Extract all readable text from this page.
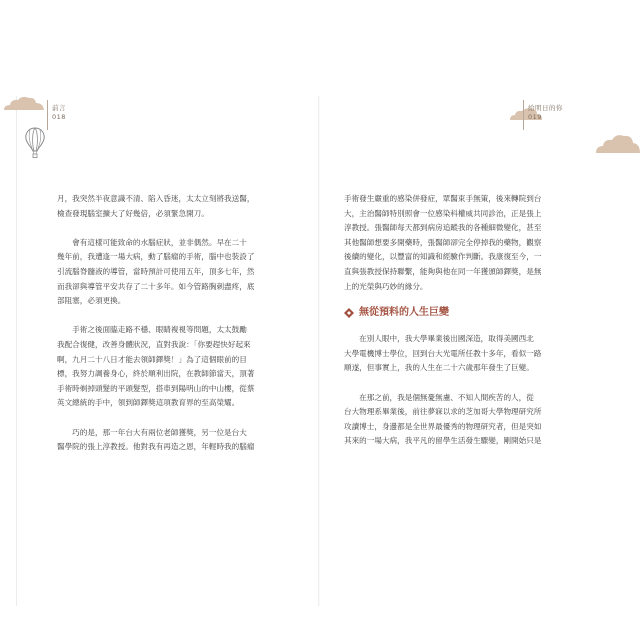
前言
018
給明日的你
019
月，我突然半夜意識不清、陷入昏迷，太太立刻將我送醫，
檢查發現腦室擴大了好幾倍，必須緊急開刀。
　　會有這樣可能致命的水腦症狀，並非偶然。早在二十
幾年前，我遭逢一場大病，動了腦瘤的手術，腦中也裝設了
引流腦脊髓液的導管，當時預計可使用五年，頂多七年，然
而我卻與導管平安共存了二十多年。如今管路胸刺盡疼，底
部阻塞，必須更換。
　　手術之後面臨走路不穩、眼睛複視等問題，太太鼓勵
我配合復健，改善身體狀況，直對我說：「你要趕快好起來
啊，九月二十八日才能去領師鐸獎！」為了這個眼前的目
標，我努力調養身心，終於順利出院，在教師節當天，頂著
手術時剃掉頭髮的平頭髮型，搭車到陽明山的中山樓，從蔡
英文總統的手中，領到師鐸獎這項教育界的至高榮耀。
　　巧的是，那一年台大有兩位老師獲獎，另一位是台大
醫學院的張上淳教授。他對我有再造之恩，年輕時我的腦瘤
手術發生嚴重的感染併發症，眾醫束手無策，後來轉院到台
大，主治醫師特別照會一位感染科權威共同診治，正是張上
淳教授。張醫師每天都到病房追蹤我的各種細微變化，甚至
其他醫師想要多開藥時，張醫師卻完全停掉我的藥物，觀察
後續的變化，以豐富的知識和經驗作判斷。我康復至今，一
直與張教授保持聯繫，能夠與他在同一年獲頒師鐸獎，是無
上的光榮與巧妙的緣分。
無從預料的人生巨變
　　在別人眼中，我大學畢業後出國深造，取得美國西北
大學電機博士學位，回到台大光電所任教十多年，看似一路
順遂，但事實上，我的人生在二十六歲那年發生了巨變。
　　在那之前，我是個無憂無慮、不知人間疾苦的人，從
台大物理系畢業後，前往夢寐以求的芝加哥大學物理研究所
攻讀博士，身邊都是全世界最優秀的物理研究者，但是突如
其來的一場大病，我平凡的留學生活發生驟變，剛開始只是
